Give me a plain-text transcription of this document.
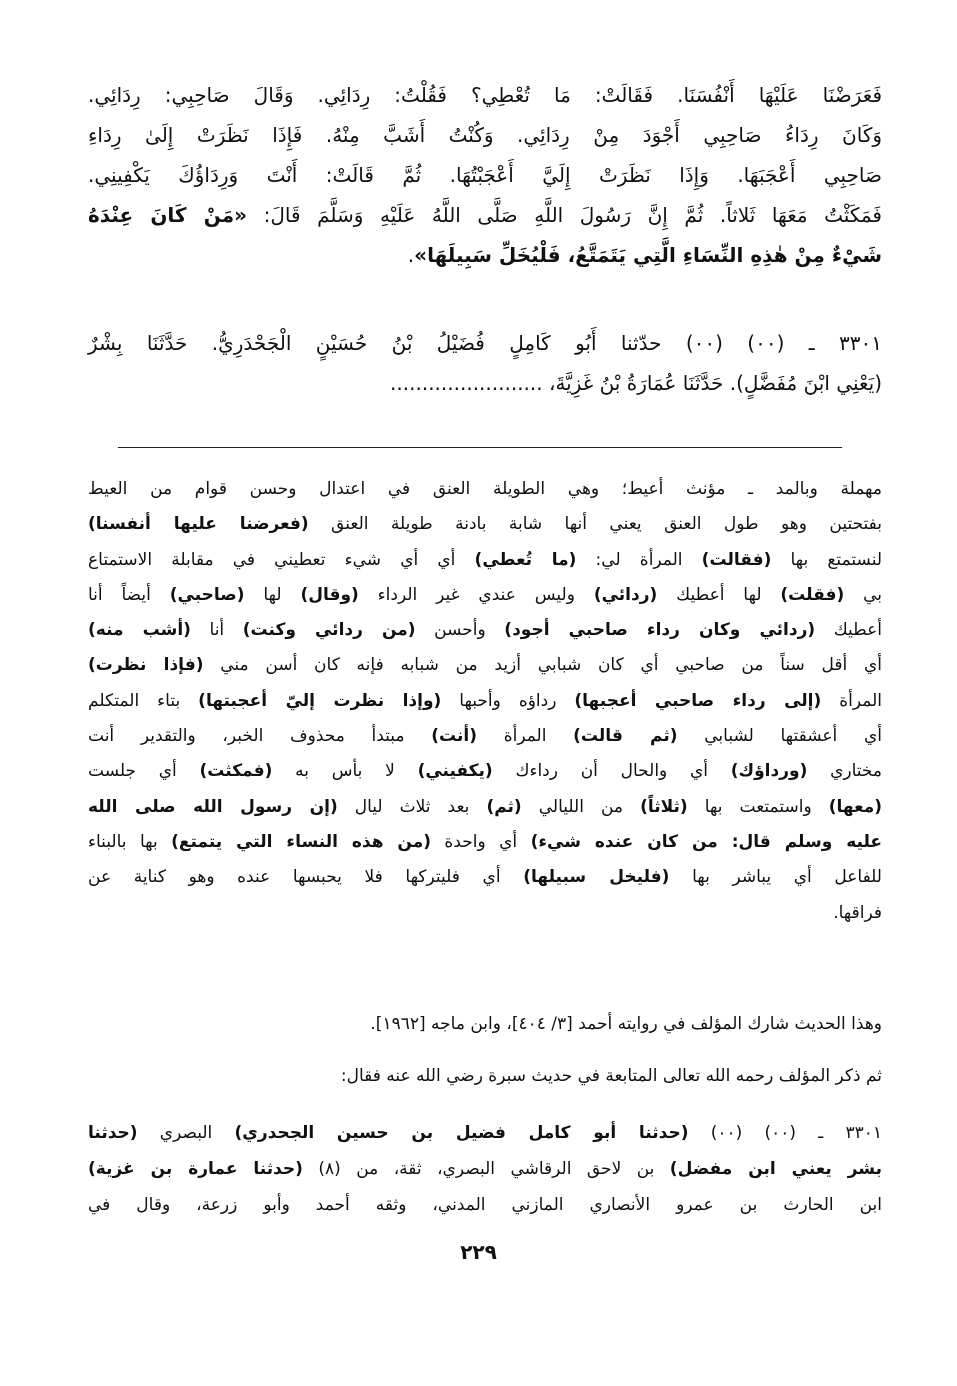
فَعَرَضْنَا عَلَيْهَا أَنْفُسَنَا. فَقَالَتْ: مَا تُعْطِي؟ فَقُلْتُ: رِدَائِي. وَقَالَ صَاحِبِي: رِدَائِي.
وَكَانَ رِدَاءُ صَاحِبِي أَجْوَدَ مِنْ رِدَائِي. وَكُنْتُ أَشَبَّ مِنْهُ. فَإِذَا نَظَرَتْ إِلَىٰ رِدَاءِ
صَاحِبِي أَعْجَبَهَا. وَإِذَا نَظَرَتْ إِلَيَّ أَعْجَبْتُهَا. ثُمَّ قَالَتْ: أَنْتَ وَرِدَاؤُكَ يَكْفِينِي.
فَمَكَثْتُ مَعَهَا ثَلاثاً. ثُمَّ إِنَّ رَسُولَ اللَّهِ صَلَّى اللَّهُ عَلَيْهِ وَسَلَّمَ قَالَ: «مَنْ كَانَ عِنْدَهُ
شَيْءٌ مِنْ هٰذِهِ النِّسَاءِ الَّتِي يَتَمَتَّعُ، فَلْيُخَلِّ سَبِيلَهَا».
٣٣٠١ ـ (٠٠) (٠٠) حدّثنا أَبُو كَامِلٍ فُضَيْلُ بْنُ حُسَيْنٍ الْجَحْدَرِيُّ. حَدَّثَنَا بِشْرٌ
(يَعْنِي ابْنَ مُفَضَّلٍ). حَدَّثَنَا عُمَارَةُ بْنُ غَزِيَّةَ، ........................
مهملة وبالمد ـ مؤنث أعيط؛ وهي الطويلة العنق في اعتدال وحسن قوام من العيط
بفتحتين وهو طول العنق يعني أنها شابة بادنة طويلة العنق (فعرضنا عليها أنفسنا)
لنستمتع بها (فقالت) المرأة لي: (ما تُعطي) أي أي شيء تعطيني في مقابلة الاستمتاع
بي (فقلت) لها أعطيك (ردائي) وليس عندي غير الرداء (وقال) لها (صاحبي) أيضاً أنا
أعطيك (ردائي وكان رداء صاحبي أجود) وأحسن (من ردائي وكنت) أنا (أشب منه)
أي أقل سناً من صاحبي أي كان شبابي أزيد من شبابه فإنه كان أسن مني (فإذا نظرت)
المرأة (إلى رداء صاحبي أعجبها) رداؤه وأحبها (وإذا نظرت إليّ أعجبتها) بتاء المتكلم
أي أعشقتها لشبابي (ثم قالت) المرأة (أنت) مبتدأ محذوف الخبر، والتقدير أنت
مختاري (ورداؤك) أي والحال أن رداءك (يكفيني) لا بأس به (فمكثت) أي جلست
(معها) واستمتعت بها (ثلاثاً) من الليالي (ثم) بعد ثلاث ليال (إن رسول الله صلى الله
عليه وسلم قال: من كان عنده شيء) أي واحدة (من هذه النساء التي يتمتع) بها بالبناء
للفاعل أي يباشر بها (فليخل سبيلها) أي فليتركها فلا يحبسها عنده وهو كناية عن
فراقها.
وهذا الحديث شارك المؤلف في روايته أحمد [٣/ ٤٠٤]، وابن ماجه [١٩٦٢].
ثم ذكر المؤلف رحمه الله تعالى المتابعة في حديث سبرة رضي الله عنه فقال:
٣٣٠١ ـ (٠٠) (٠٠) (حدثنا أبو كامل فضيل بن حسين الجحدري) البصري (حدثنا
بشر يعني ابن مفضل) بن لاحق الرقاشي البصري، ثقة، من (٨) (حدثنا عمارة بن غزية)
ابن الحارث بن عمرو الأنصاري المازني المدني، وثقه أحمد وأبو زرعة، وقال في
٢٢٩
